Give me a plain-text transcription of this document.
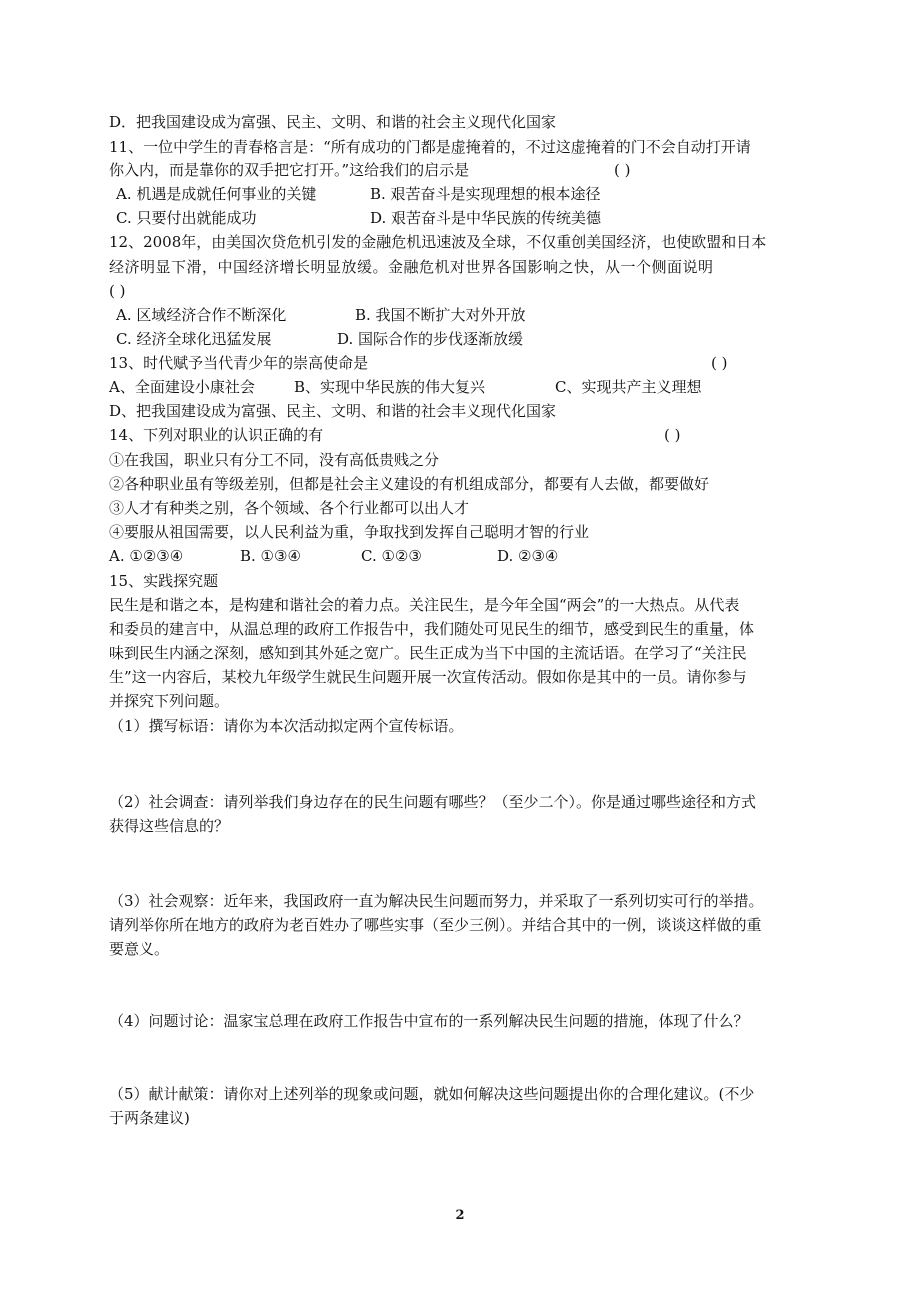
D．把我国建设成为富强、民主、文明、和谐的社会主义现代化国家
11、一位中学生的青春格言是：“所有成功的门都是虚掩着的，不过这虚掩着的门不会自动打开请
你入内，而是靠你的双手把它打开。”这给我们的启示是	( )
A. 机遇是成就任何事业的关键	B. 艰苦奋斗是实现理想的根本途径
C. 只要付出就能成功	D. 艰苦奋斗是中华民族的传统美德
12、2008年，由美国次贷危机引发的金融危机迅速波及全球，不仅重创美国经济，也使欧盟和日本
经济明显下滑，中国经济增长明显放缓。金融危机对世界各国影响之快，从一个侧面说明
( )
A. 区域经济合作不断深化	B. 我国不断扩大对外开放
C. 经济全球化迅猛发展	D. 国际合作的步伐逐渐放缓
13、时代赋予当代青少年的崇高使命是	( )
A、全面建设小康社会	B、实现中华民族的伟大复兴	C、实现共产主义理想
D、把我国建设成为富强、民主、文明、和谐的社会丰义现代化国家
14、下列对职业的认识正确的有	( )
①在我国，职业只有分工不同，没有高低贵贱之分
②各种职业虽有等级差别，但都是社会主义建设的有机组成部分，都要有人去做，都要做好
③人才有种类之别，各个领域、各个行业都可以出人才
④要服从祖国需要，以人民利益为重，争取找到发挥自己聪明才智的行业
A. ①②③④	B. ①③④	C. ①②③	D. ②③④
15、实践探究题
民生是和谐之本，是构建和谐社会的着力点。关注民生，是今年全国“两会”的一大热点。从代表
和委员的建言中，从温总理的政府工作报告中，我们随处可见民生的细节，感受到民生的重量，体
味到民生内涵之深刻，感知到其外延之宽广。民生正成为当下中国的主流话语。在学习了“关注民
生”这一内容后，某校九年级学生就民生问题开展一次宣传活动。假如你是其中的一员。请你参与
并探究下列问题。
（1）撰写标语：请你为本次活动拟定两个宣传标语。
（2）社会调查：请列举我们身边存在的民生问题有哪些？（至少二个）。你是通过哪些途径和方式
获得这些信息的？
（3）社会观察：近年来，我国政府一直为解决民生问题而努力，并采取了一系列切实可行的举措。
请列举你所在地方的政府为老百姓办了哪些实事（至少三例）。并结合其中的一例，谈谈这样做的重
要意义。
（4）问题讨论：温家宝总理在政府工作报告中宣布的一系列解决民生问题的措施，体现了什么？
（5）献计献策：请你对上述列举的现象或问题，就如何解决这些问题提出你的合理化建议。(不少
于两条建议)
2
